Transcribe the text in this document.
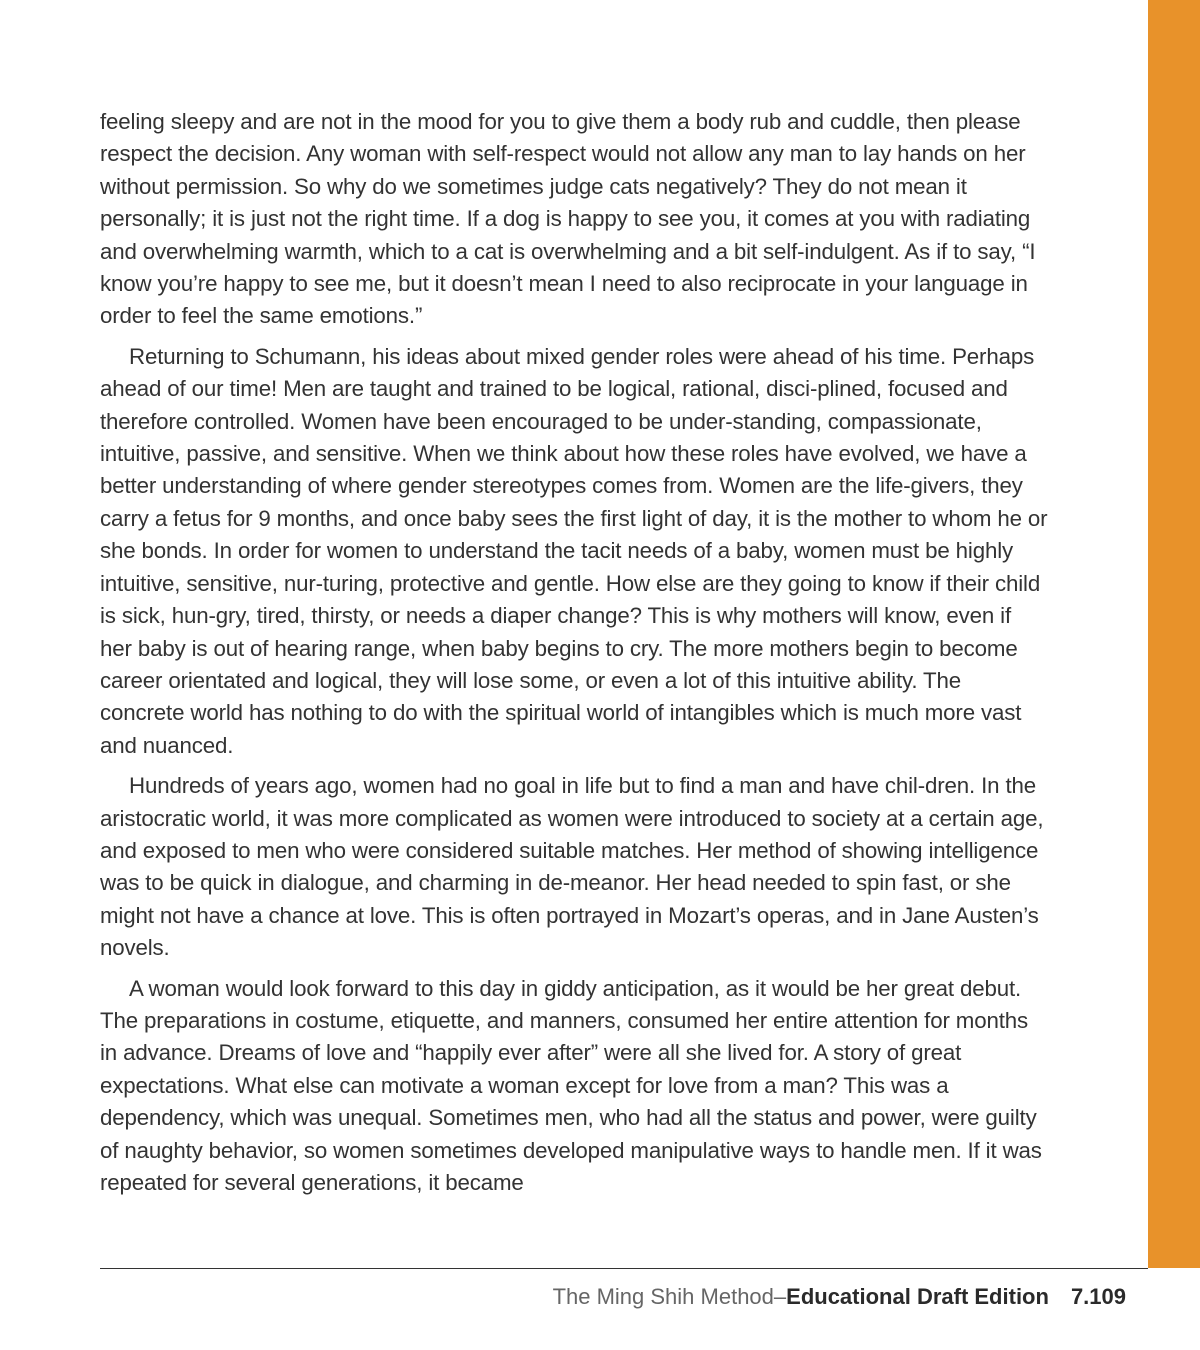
feeling sleepy and are not in the mood for you to give them a body rub and cuddle, then please respect the decision. Any woman with self-respect would not allow any man to lay hands on her without permission. So why do we sometimes judge cats negatively? They do not mean it personally; it is just not the right time. If a dog is happy to see you, it comes at you with radiating and overwhelming warmth, which to a cat is overwhelming and a bit self-indulgent. As if to say, “I know you’re happy to see me, but it doesn’t mean I need to also reciprocate in your language in order to feel the same emotions.”

Returning to Schumann, his ideas about mixed gender roles were ahead of his time. Perhaps ahead of our time! Men are taught and trained to be logical, rational, disci-plined, focused and therefore controlled. Women have been encouraged to be under-standing, compassionate, intuitive, passive, and sensitive. When we think about how these roles have evolved, we have a better understanding of where gender stereotypes comes from. Women are the life-givers, they carry a fetus for 9 months, and once baby sees the first light of day, it is the mother to whom he or she bonds. In order for women to understand the tacit needs of a baby, women must be highly intuitive, sensitive, nur-turing, protective and gentle. How else are they going to know if their child is sick, hun-gry, tired, thirsty, or needs a diaper change? This is why mothers will know, even if her baby is out of hearing range, when baby begins to cry. The more mothers begin to become career orientated and logical, they will lose some, or even a lot of this intuitive ability. The concrete world has nothing to do with the spiritual world of intangibles which is much more vast and nuanced.

Hundreds of years ago, women had no goal in life but to find a man and have chil-dren. In the aristocratic world, it was more complicated as women were introduced to society at a certain age, and exposed to men who were considered suitable matches. Her method of showing intelligence was to be quick in dialogue, and charming in de-meanor. Her head needed to spin fast, or she might not have a chance at love. This is often portrayed in Mozart’s operas, and in Jane Austen’s novels.

A woman would look forward to this day in giddy anticipation, as it would be her great debut. The preparations in costume, etiquette, and manners, consumed her entire attention for months in advance. Dreams of love and “happily ever after” were all she lived for. A story of great expectations. What else can motivate a woman except for love from a man? This was a dependency, which was unequal. Sometimes men, who had all the status and power, were guilty of naughty behavior, so women sometimes developed manipulative ways to handle men. If it was repeated for several generations, it became

The Ming Shih Method–Educational Draft Edition 7.109
